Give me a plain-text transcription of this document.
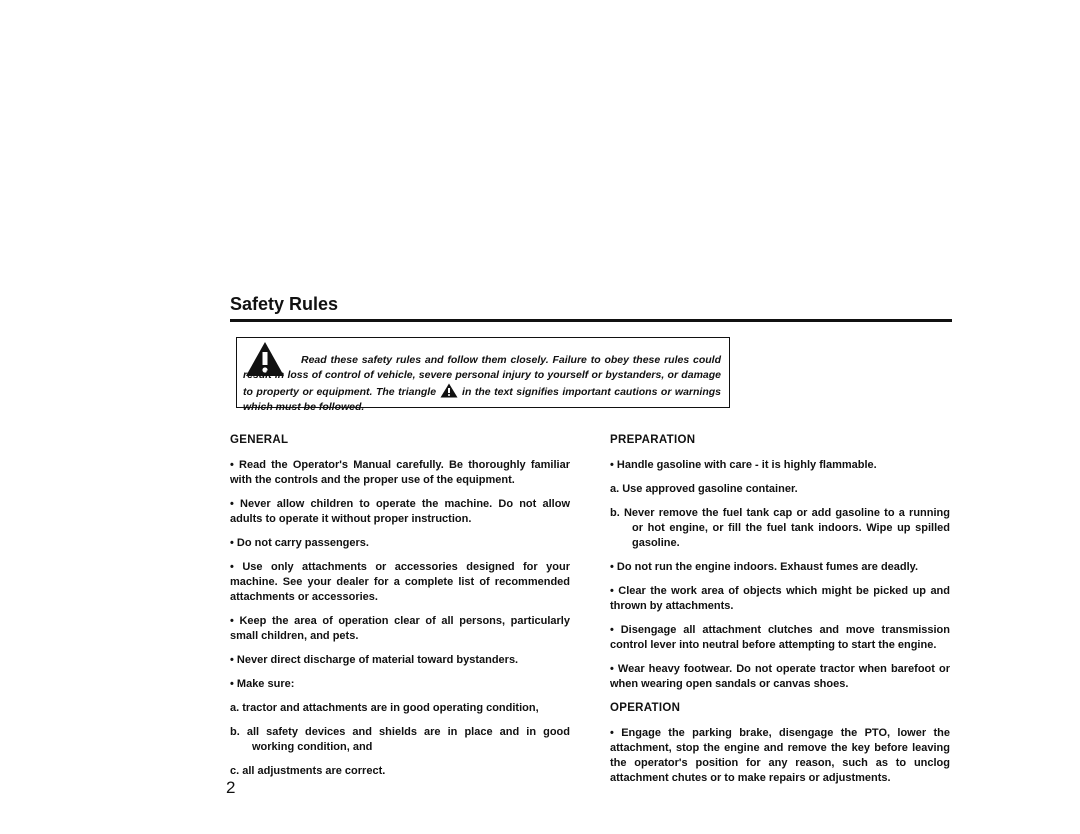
Safety Rules

Read these safety rules and follow them closely. Failure to obey these rules could result in loss of control of vehicle, severe personal injury to yourself or bystanders, or damage to property or equipment. The triangle in the text signifies important cautions or warnings which must be followed.

GENERAL

• Read the Operator's Manual carefully. Be thoroughly familiar with the controls and the proper use of the equipment.

• Never allow children to operate the machine. Do not allow adults to operate it without proper instruction.

• Do not carry passengers.

• Use only attachments or accessories designed for your machine. See your dealer for a complete list of recommended attachments or accessories.

• Keep the area of operation clear of all persons, particularly small children, and pets.

• Never direct discharge of material toward bystanders.

• Make sure:

a. tractor and attachments are in good operating condition,

b. all safety devices and shields are in place and in good working condition, and

c. all adjustments are correct.

PREPARATION

• Handle gasoline with care - it is highly flammable.

a. Use approved gasoline container.

b. Never remove the fuel tank cap or add gasoline to a running or hot engine, or fill the fuel tank indoors. Wipe up spilled gasoline.

• Do not run the engine indoors. Exhaust fumes are deadly.

• Clear the work area of objects which might be picked up and thrown by attachments.

• Disengage all attachment clutches and move transmission control lever into neutral before attempting to start the engine.

• Wear heavy footwear. Do not operate tractor when barefoot or when wearing open sandals or canvas shoes.

OPERATION

• Engage the parking brake, disengage the PTO, lower the attachment, stop the engine and remove the key before leaving the operator's position for any reason, such as to unclog attachment chutes or to make repairs or adjustments.

2
